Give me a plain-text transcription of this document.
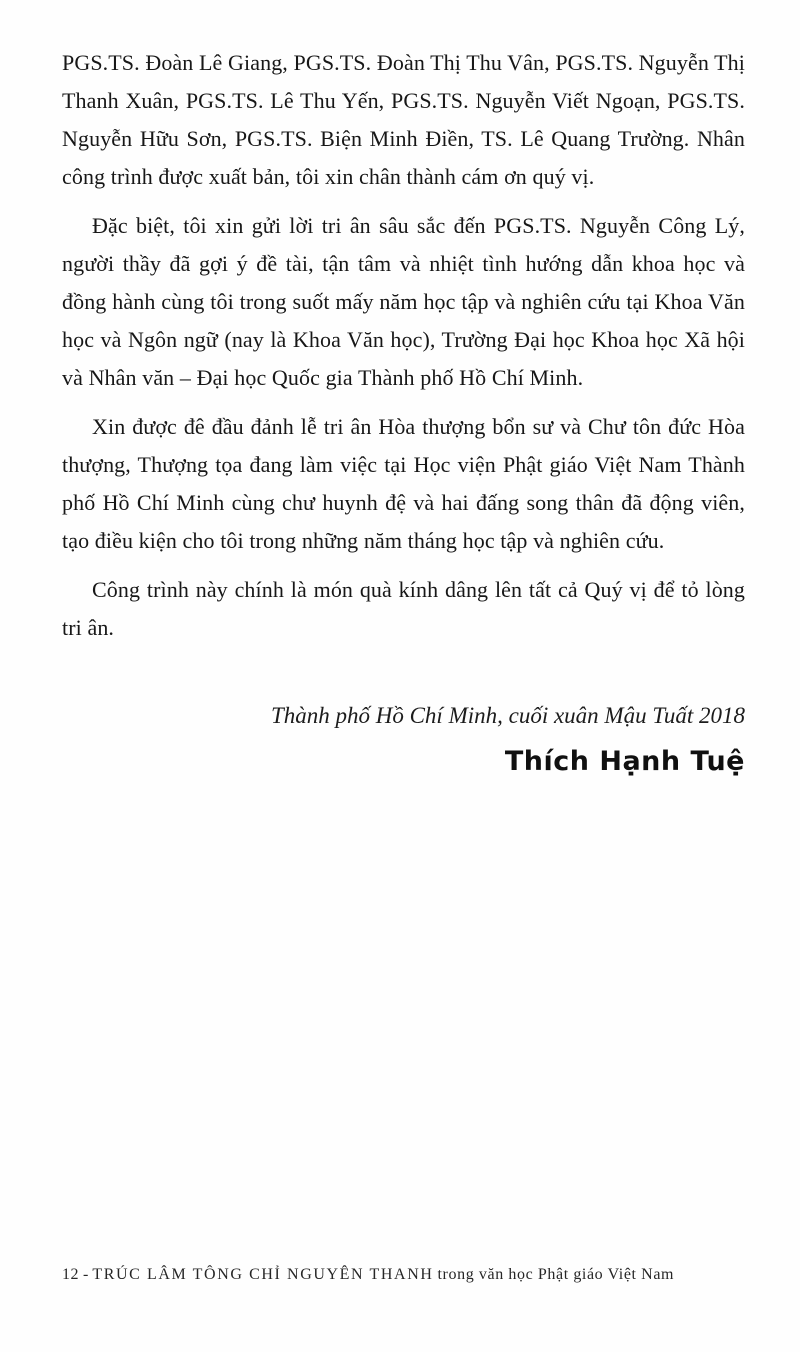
PGS.TS. Đoàn Lê Giang, PGS.TS. Đoàn Thị Thu Vân, PGS.TS. Nguyễn Thị Thanh Xuân, PGS.TS. Lê Thu Yến, PGS.TS. Nguyễn Viết Ngoạn, PGS.TS. Nguyễn Hữu Sơn, PGS.TS. Biện Minh Điền, TS. Lê Quang Trường. Nhân công trình được xuất bản, tôi xin chân thành cám ơn quý vị.

Đặc biệt, tôi xin gửi lời tri ân sâu sắc đến PGS.TS. Nguyễn Công Lý, người thầy đã gợi ý đề tài, tận tâm và nhiệt tình hướng dẫn khoa học và đồng hành cùng tôi trong suốt mấy năm học tập và nghiên cứu tại Khoa Văn học và Ngôn ngữ (nay là Khoa Văn học), Trường Đại học Khoa học Xã hội và Nhân văn – Đại học Quốc gia Thành phố Hồ Chí Minh.

Xin được đê đầu đảnh lễ tri ân Hòa thượng bổn sư và Chư tôn đức Hòa thượng, Thượng tọa đang làm việc tại Học viện Phật giáo Việt Nam Thành phố Hồ Chí Minh cùng chư huynh đệ và hai đấng song thân đã động viên, tạo điều kiện cho tôi trong những năm tháng học tập và nghiên cứu.

Công trình này chính là món quà kính dâng lên tất cả Quý vị để tỏ lòng tri ân.

Thành phố Hồ Chí Minh, cuối xuân Mậu Tuất 2018
Thích Hạnh Tuệ
12 - TRÚC LÂM TÔNG CHỈ NGUYÊN THANH trong văn học Phật giáo Việt Nam
